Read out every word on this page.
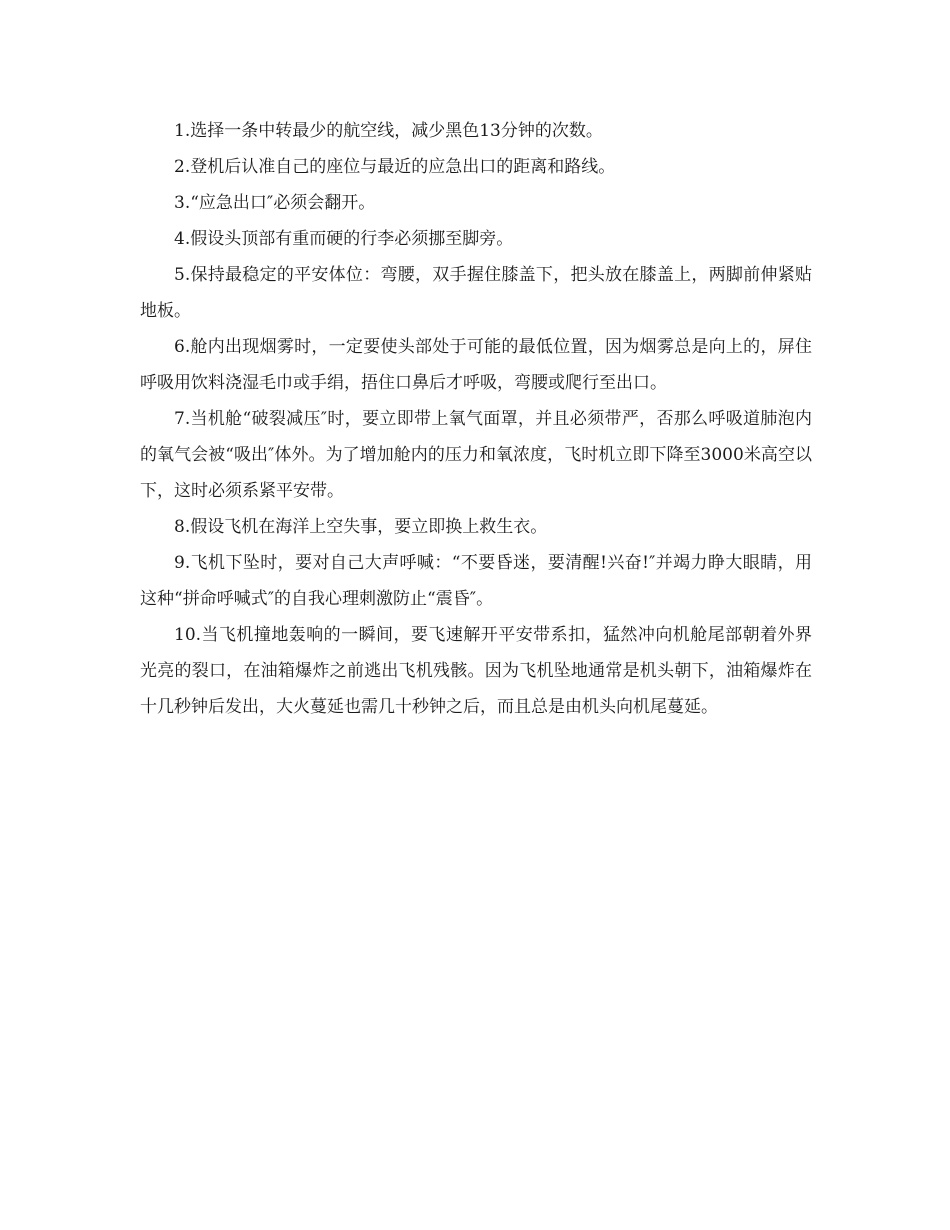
1.选择一条中转最少的航空线，减少黑色13分钟的次数。

2.登机后认准自己的座位与最近的应急出口的距离和路线。

3.“应急出口″必须会翻开。

4.假设头顶部有重而硬的行李必须挪至脚旁。

5.保持最稳定的平安体位：弯腰，双手握住膝盖下，把头放在膝盖上，两脚前伸紧贴地板。

6.舱内出现烟雾时，一定要使头部处于可能的最低位置，因为烟雾总是向上的，屏住呼吸用饮料浇湿毛巾或手绢，捂住口鼻后才呼吸，弯腰或爬行至出口。

7.当机舱“破裂减压″时，要立即带上氧气面罩，并且必须带严，否那么呼吸道肺泡内的氧气会被“吸出″体外。为了增加舱内的压力和氧浓度，飞时机立即下降至3000米高空以下，这时必须系紧平安带。

8.假设飞机在海洋上空失事，要立即换上救生衣。

9.飞机下坠时，要对自己大声呼喊：“不要昏迷，要清醒!兴奋!″并竭力睁大眼睛，用这种“拼命呼喊式″的自我心理刺激防止“震昏″。

10.当飞机撞地轰响的一瞬间，要飞速解开平安带系扣，猛然冲向机舱尾部朝着外界光亮的裂口，在油箱爆炸之前逃出飞机残骸。因为飞机坠地通常是机头朝下，油箱爆炸在十几秒钟后发出，大火蔓延也需几十秒钟之后，而且总是由机头向机尾蔓延。
